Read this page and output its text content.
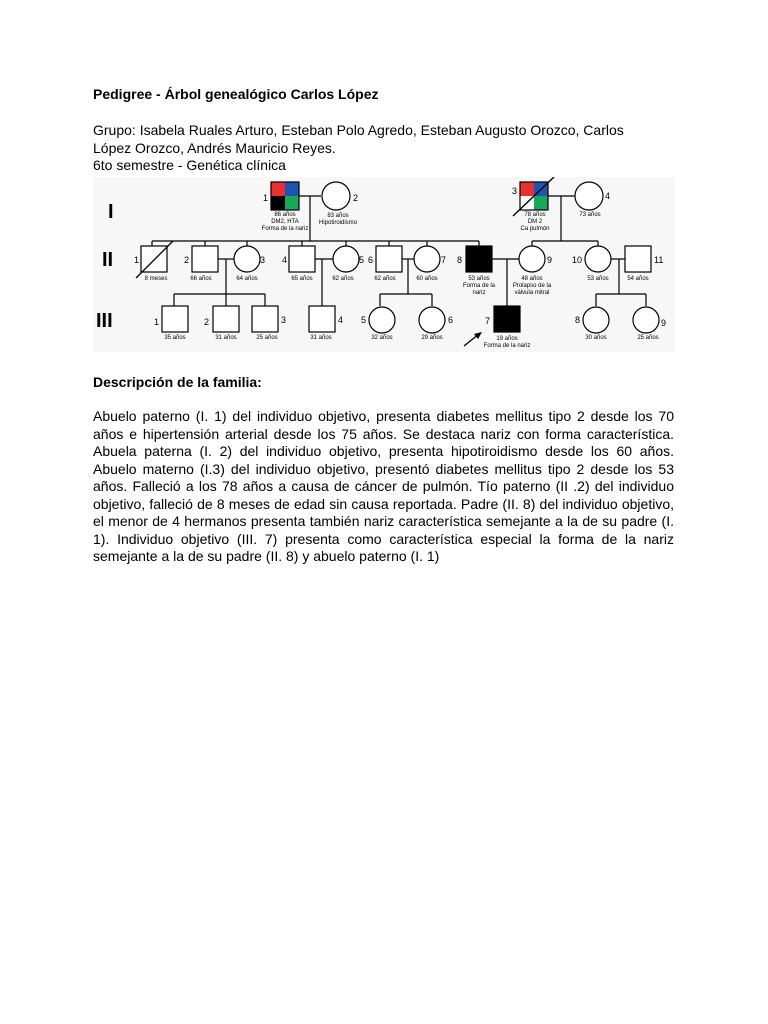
Pedigree - Árbol genealógico Carlos López

Grupo: Isabela Ruales Arturo, Esteban Polo Agredo, Esteban Augusto Orozco, Carlos
López Orozco, Andrés Mauricio Reyes.
6to semestre - Genética clínica

I
II
III
1
86 años
DM2, HTA
Forma de la nariz
2
83 años
Hipotiroidismo
3
78 años
DM 2
Ca pulmón
4
73 años
1
8 meses
2
66 años
3
64 años
4
65 años
5
62 años
6
62 años
7
60 años
8
53 años
Forma de la
nariz
9
48 años
Prolapso de la
válvula mitral
10
53 años
11
54 años
1
35 años
2
31 años
3
25 años
4
31 años
5
32 años
6
29 años
7
19 años
Forma de la nariz
8
30 años
9
25 años
Descripción de la familia:

Abuelo paterno (I. 1) del individuo objetivo, presenta diabetes mellitus tipo 2 desde los 70 años e hipertensión arterial desde los 75 años. Se destaca nariz con forma característica. Abuela paterna (I. 2) del individuo objetivo, presenta hipotiroidismo desde los 60 años. Abuelo materno (I.3) del individuo objetivo, presentó diabetes mellitus tipo 2 desde los 53 años. Falleció a los 78 años a causa de cáncer de pulmón. Tío paterno (II .2) del individuo objetivo, falleció de 8 meses de edad sin causa reportada. Padre (II. 8) del individuo objetivo, el menor de 4 hermanos presenta también nariz característica semejante a la de su padre (I. 1). Individuo objetivo (III. 7) presenta como característica especial la forma de la nariz semejante a la de su padre (II. 8) y abuelo paterno (I. 1)
